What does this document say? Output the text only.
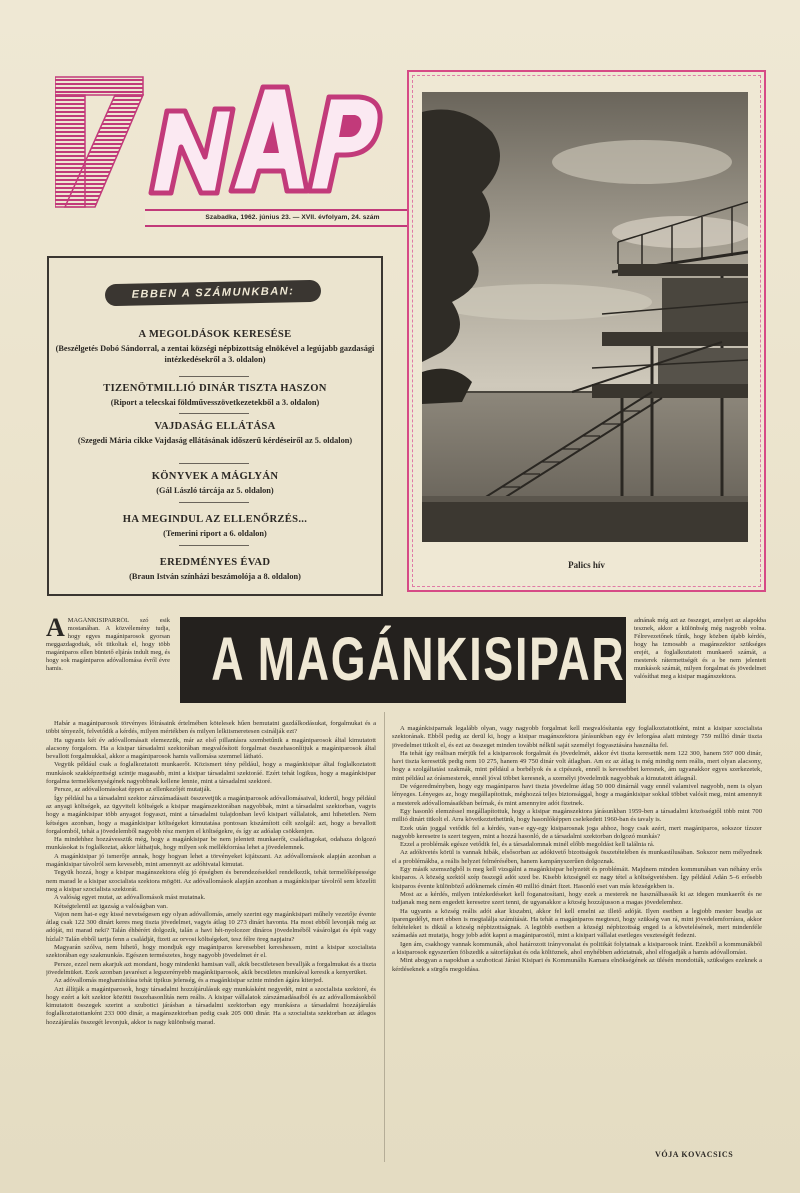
Szabadka, 1962. június 23. — XVII. évfolyam, 24. szám
EBBEN A SZÁMUNKBAN:
A MEGOLDÁSOK KERESÉSE
(Beszélgetés Dobó Sándorral, a zentai községi népbizottság elnökével a legújabb gazdasági intézkedésekről a 3. oldalon)
TIZENÖTMILLIÓ DINÁR TISZTA HASZON
(Riport a telecskai földművesszövetkezetekből a 3. oldalon)
VAJDASÁG ELLÁTÁSA
(Szegedi Mária cikke Vajdaság ellátásának időszerű kérdéseiről az 5. oldalon)
KÖNYVEK A MÁGLYÁN
(Gál László tárcája az 5. oldalon)
HA MEGINDUL AZ ELLENŐRZÉS...
(Temerini riport a 6. oldalon)
EREDMÉNYES ÉVAD
(Braun István színházi beszámolója a 8. oldalon)
Palics hív
A MAGÁNKISIPARRÓL szó esik mostanában. A közvélemény tudja, hogy egyes magániparosok gyorsan meggazdagodtak, sőt titkoltak el, hogy több magániparos ellen büntető eljárás indult meg, és hogy sok magániparos adóvallomása évről évre hamis.	A MAGÁNKISIPAR
adnának még azt az összeget, amelyet az alapokba tesznek, akkor a különbség még nagyobb volna. Félrevezetőnek tűnik, hogy közben újabb kérdés, hogy ha izmosabb a magánszektor szükséges erejét, a foglalkoztatott munkaerő számát, a mesterek rátermettségét és a be nem jelentett munkások számát, milyen forgalmat és jövedelmet valósíthat meg a kisipar magánszektora.

Habár a magániparosok törvényes lőirásaink értelmében kötelesek hűen bemutatni gazdálkodásukat, forgalmukat és a többi tényezőt, felvetődik a kérdés, milyen mértékben és milyen lelkiismeretesen csinálják ezt?

Ha ugyanis két év adóvallomásait elemezzük, már az első pillantásra szembetűnik a magániparosok által kimutatott alacsony forgalom. Ha a kisipar társadalmi szektorában megvalósított forgalmat összehasonlítjuk a magániparosok által bevallott forgalmukkal, akkor a magániparosok hamis vallomása szemmel látható.

Vegyük például csak a foglalkoztatott munkaerőt. Közismert tény például, hogy a magánkisipar által foglalkoztatott munkások szakképzettségi szintje magasabb, mint a kisipar társadalmi szektoráé. Ezért tehát logikus, hogy a magánkisipar forgalma termelékenységének nagyobbnak kellene lennie, mint a társadalmi szektoré.

Persze, az adóvallomásokat éppen az ellenkezőjét mutatják.

Így például ha a társadalmi szektor zárszámadásait összevetjük a magániparosok adóvallomásaival, kiderül, hogy például az anyagi költségek, az ügyviteli költségek a kisipar magánszektorában nagyobbak, mint a társadalmi szektorban, vagyis hogy a magánkisipar több anyagot fogyaszt, mint a társadalmi tulajdonban levő kisipari vállalatok, ami hihetetlen. Nem kétséges azonban, hogy a magánkisipar költségeket kimutatása pontosan kiszámított célt szolgál: azt, hogy a bevallott forgalomból, tehát a jövedelemből nagyobb rész menjen el költségekre, és így az adóalap csökkenjen.

Ha mindehhez hozzávesszük még, hogy a magánkisipar be nem jelentett munkaerőt, családtagokat, odahaza dolgozó munkásokat is foglalkoztat, akkor láthatjuk, hogy milyen sok mellékforrása lehet a jövedelemnek.

A magánkisipar jó ismerője annak, hogy hogyan lehet a törvényeket kijátszani. Az adóvallomások alapján azonban a magánkisipar távolról sem kevesebb, mint amennyit az adóhivatal kimutat.

Tegyük hozzá, hogy a kisipar magánszektora elég jó épségben és berendezésekkel rendelkezik, tehát termelőképessége nem marad le a kisipar szocialista szektora mögött. Az adóvallomások alapján azonban a magánkisipar távolról sem közelíti meg a kisipar szocialista szektorát.

A valóság egyet mutat, az adóvallomások mást mutatnak.

Kétségtelenül az igazság a valóságban van.

Vajon nem hat-e egy kissé nevetségesen egy olyan adóvallomás, amely szerint egy magánkisipari műhely vezetője évente átlag csak 122 300 dinárt keres meg tiszta jövedelmet, vagyis átlag 10 273 dinárt havonta. Ha most ebből levonják még az adóját, mi marad neki? Talán éhbérért dolgozik, talán a havi hét-nyolcezer dináros jövedelméből vásárolgat és épít vagy hízlal? Talán ebből tartja fenn a családját, fizeti az orvosi költségeket, tesz félre öreg napjaira?

Magyarán szólva, nem hihető, hogy mondjuk egy magániparos kevesebbet kereshessen, mint a kisipar szocialista szektorában egy szakmunkás. Egészen természetes, hogy nagyobb jövedelmet ér el.

Persze, ezzel nem akarjuk azt mondani, hogy mindenki hamisan vall, akik becsületesen bevallják a forgalmukat és a tiszta jövedelmüket. Ezek azonban javarészt a legszerényebb magánkiiparosok, akik becsületes munkával keresik a kenyerüket.

Az adóvallomás meghamisítása tehát tipikus jelenség, és a magánkisipar szinte minden ágára kiterjed.

Azt állítják a magániparosok, hogy társadalmi hozzájárulásuk egy munkásként negyedét, mint a szocialista szektoré, és hogy ezért a két szektor közötti összehasonlítás nem reális. A kisipar vállalatok zárszámadásaiból és az adóvallomásokból kimutatott összegek szerint a szubotici járásban a társadalmi szektorban egy munkásra a társadalmi hozzájárulás foglalkoztatottanként 233 000 dinár, a magánszektorban pedig csak 205 000 dinár. Ha a szocialista szektorban az átlagos hozzájárulás összegét levonjuk, akkor is nagy különbség marad.

A magánkisiparnak legalább olyan, vagy nagyobb forgalmat kell megvalósítania egy foglalkoztatottként, mint a kisipar szocialista szektorának. Ebből pedig az derül ki, hogy a kisipar magánszektora járásunkban egy év leforgása alatt mintegy 759 millió dinár tiszta jövedelmet titkolt el, és ezt az összeget minden további nélkül saját személyi fogyasztására használta fel.

Ha tehát így reálisan mérjük fel a kisiparosok forgalmát és jövedelmét, akkor évi tiszta keresetük nem 122 300, hanem 597 000 dinár, havi tiszta keresetük pedig nem 10 275, hanem 49 750 dinár volt átlagban. Am ez az átlag is még mindig nem reális, mert olyan alacsony, hogy a szolgáltatási szakmák, mint például a borbélyok és a cipészek, ennél is kevesebbet keresnek, ám ugyanakkor egyes szerkezetek, mint például az órásmesterek, ennél jóval többet keresnek, a személyi jövedelmük nagyobbak a kimutatott átlagnál.

De végeredményben, hogy egy magániparos havi tiszta jövedelme átlag 50 000 dinárnál vagy ennél valamivel nagyobb, nem is olyan lényeges. Lényeges az, hogy megállapítottuk, méghozzá teljes biztonsággal, hogy a magánkisipar sokkal többet valósít meg, mint amennyit a mesterek adóvallomásaikban beírnak, és mint amennyire adót fizetnek.

Egy hasonló elemzéssel megállapítottuk, hogy a kisipar magánszektora járásunkban 1959-ben a társadalmi közösségtől több mint 700 millió dinárt titkolt el. Arra következtethetünk, hogy hasonlóképpen cselekedett 1960-ban és tavaly is.

Ezek után joggal vetődik fel a kérdés, van-e egy-egy kisiparosnak joga ahhoz, hogy csak azért, mert magániparos, sokszor tízszer nagyobb keresetre is szert tegyen, mint a hozzá hasonló, de a társadalmi szektorban dolgozó munkás?

Ezzel a problémák egésze vetődik fel, és a társadalomnak minél előbb megoldást kell találnia rá.

Az adókivetés körül is vannak hibák, elsősorban az adókivető bizottságok összetételében és munkastílusában. Sokszor nem mélyednek el a problémákba, a reális helyzet felmérésében, hanem kampányszerűen dolgoznak.

Egy másik szemszögből is meg kell vizsgálni a magánkisipar helyzetét és problémáit. Majdnem minden kommunában van néhány erős kisiparos. A község szektól szép összegű adót szed be. Kisebb községnél ez nagy tétel a költségvetésben. Így például Adán 5–6 erősebb kisiparos évente különböző adóknemek címén 40 millió dinárt fizet. Hasonló eset van más községekben is.

Most az a kérdés, milyen intézkedéseket kell foganatosítani, hogy ezek a mesterek ne használhassák ki az idegen munkaerőt és ne tudjanak meg nem engedett keresetre szert tenni, de ugyanakkor a község hozzájusson a magas jövedelemhez.

Ha ugyanis a község reális adót akar kiszabni, akkor fel kell emelni az illető adóját. Ilyen esetben a legjobb mester beadja az iparengedélyt, mert ebben is megtalálja számítását. Ha tehát a magániparos megteszi, hogy szükség van rá, mint jövedelemforrásra, akkor feltételeket is diktál a község népbizottságnak. A legtöbb esetben a községi népbizottság enged is a követelésének, mert mindenféle számadás azt mutatja, hogy jobb adót kapni a magániparostól, mint a kisipari vállalat esetleges veszteségét fedezni.

Igen ám, csakhogy vannak kommunák, ahol határozott irányvonalat és politikát folytatnak a kisiparosok iránt. Ezekből a kommunákból a kisiparosok egyszerűen fölszedik a sátorfájukat és oda költöznek, ahol enyhébben adóztatnak, ahol elfogadják a hamis adóvallomást.

Mint abogyan a napokban a szuboticai Járási Kisipari és Kommunális Kamara elnökségének az ülésén mondották, szükséges ezeknek a kérdéseknek a sürgős megoldása.

VÓJA KOVACSICS
